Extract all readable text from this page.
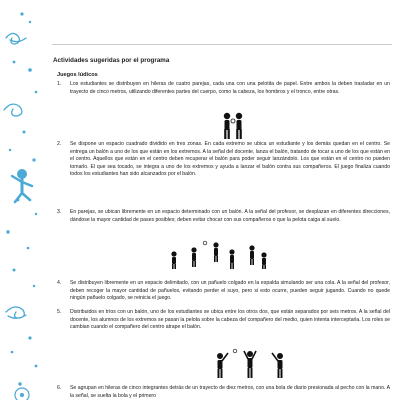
Actividades sugeridas por el programa
Juegos lúdicos
1.	Los estudiantes se distribuyen en hileras de cuatro parejas, cada una con una pelotita de papel. Entre ambos la deben trasladar en un trayecto de cinco metros, utilizando diferentes partes del cuerpo, como la cabeza, los hombros y el tronco, entre otras.
2.	Se dispone un espacio cuadrado dividido en tres zonas. En cada extremo se ubica un estudiante y los demás quedan en el centro. Se entrega un balón a uno de los que están en los extremos. A la señal del docente, lanza el balón, tratando de tocar a uno de los que están en el centro. Aquellos que están en el centro deben recuperar el balón para poder seguir lanzándolo. Los que están en el centro no pueden tomarlo. El que sea tocado, se integra a uno de los extremos y ayuda a lanzar el balón contra sus compañeros. El juego finaliza cuando todos los estudiantes han sido alcanzados por el balón.
3.	En parejas, se ubican libremente en un espacio determinado con un balón. A la señal del profesor, se desplazan en diferentes direcciones, dándose la mayor cantidad de pases posibles; deben evitar chocar con sus compañeros o que la pelota caiga al suelo.
4.	Se distribuyen libremente en un espacio delimitado, con un pañuelo colgado en la espalda simulando ser una cola. A la señal del profesor, deben recoger la mayor cantidad de pañuelos, evitando perder el suyo, pero si esto ocurre, pueden seguir jugando. Cuando no quede ningún pañuelo colgado, se reinicia el juego.
5.	Distribuidos en tríos con un balón, uno de los estudiantes se ubica entre los otros dos, que están separados por seis metros. A la señal del docente, los alumnos de los extremos se pasan la pelota sobre la cabeza del compañero del medio, quien intenta interceptarla. Los roles se cambian cuando el compañero del centro atrape el balón.
6.	Se agrupan en hileras de cinco integrantes detrás de un trayecto de diez metros, con una bola de diario presionada al pecho con la mano. A la señal, se suelta la bola y el primero
